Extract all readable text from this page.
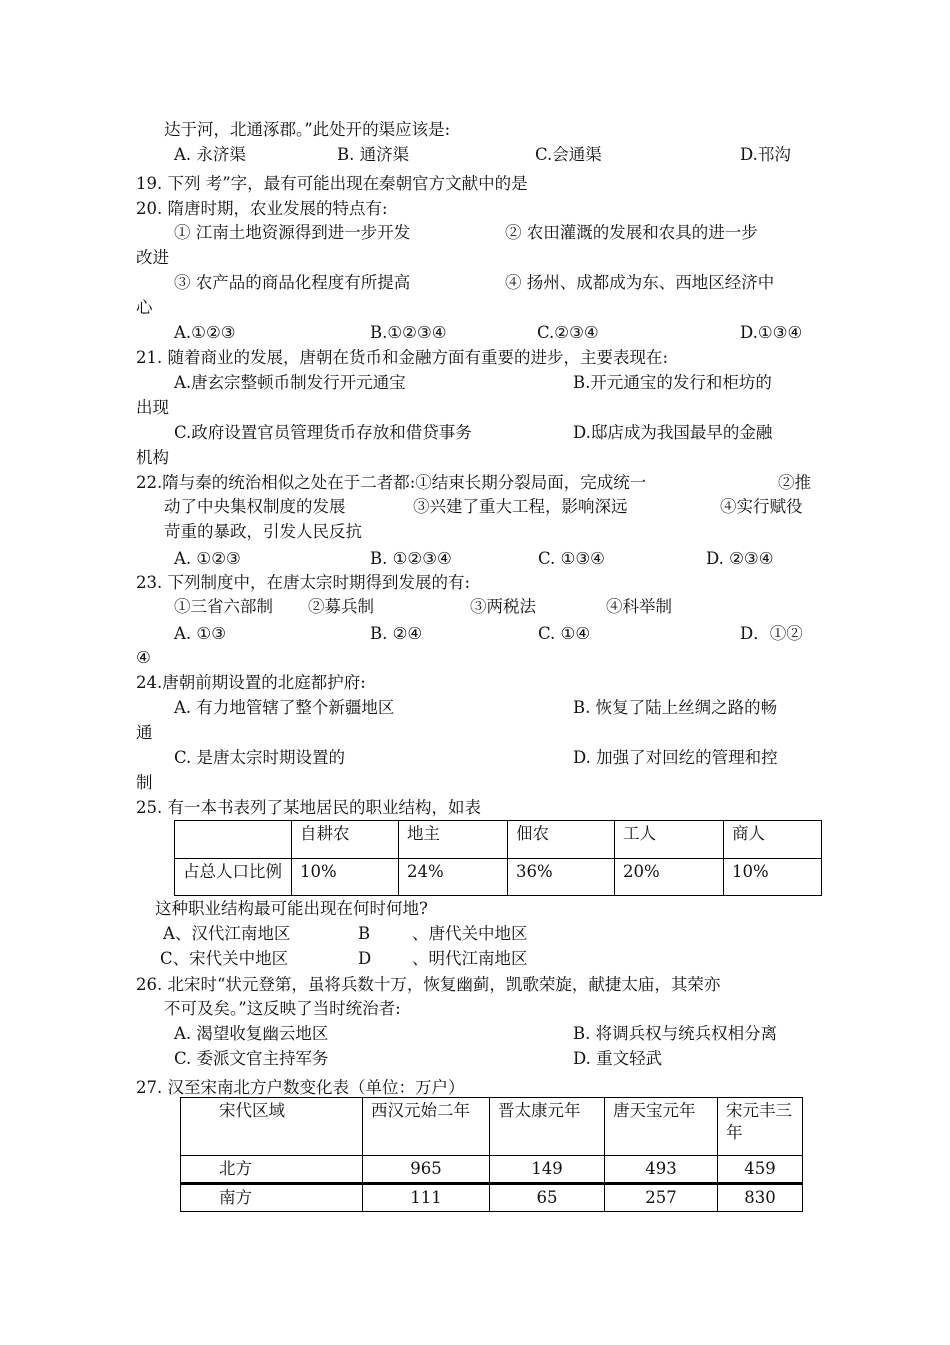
达于河，北通涿郡。”此处开的渠应该是:
A. 永济渠	B. 通济渠	C.会通渠	D.邗沟
19. 下列 考”字，最有可能出现在秦朝官方文献中的是
20. 隋唐时期，农业发展的特点有:
① 江南土地资源得到进一步开发	② 农田灌溉的发展和农具的进一步
改进
③ 农产品的商品化程度有所提高	④ 扬州、成都成为东、西地区经济中
心
A.①②③	B.①②③④	C.②③④	D.①③④
21. 随着商业的发展，唐朝在货币和金融方面有重要的进步，主要表现在:
A.唐玄宗整顿币制发行开元通宝	B.开元通宝的发行和柜坊的
出现
C.政府设置官员管理货币存放和借贷事务	D.邸店成为我国最早的金融
机构
22.隋与秦的统治相似之处在于二者都:①结束长期分裂局面，完成统一	②推
动了中央集权制度的发展	③兴建了重大工程，影响深远	④实行赋役
苛重的暴政，引发人民反抗
A. ①②③	B. ①②③④	C. ①③④	D. ②③④
23. 下列制度中，在唐太宗时期得到发展的有:
①三省六部制 ②募兵制	③两税法	④科举制
A. ①③	B. ②④	C. ①④	D．①②
④
24.唐朝前期设置的北庭都护府:
A. 有力地管辖了整个新疆地区	B. 恢复了陆上丝绸之路的畅
通
C. 是唐太宗时期设置的	D. 加强了对回纥的管理和控
制
25. 有一本书表列了某地居民的职业结构，如表
这种职业结构最可能出现在何时何地?
A、汉代江南地区	B	、唐代关中地区
C、宋代关中地区	D 、明代江南地区
26. 北宋时“状元登第，虽将兵数十万，恢复幽蓟，凯歌荣旋，献捷太庙，其荣亦
不可及矣。”这反映了当时统治者:
A. 渴望收复幽云地区	B. 将调兵权与统兵权相分离
C. 委派文官主持军务	D. 重文轻武
27. 汉至宋南北方户数变化表（单位：万户）
	自耕农	地主	佃农	工人	商人
占总人口比例	10%	24%	36%	20%	10%
宋代区域	西汉元始二年	晋太康元年	唐天宝元年	宋元丰三年
北方	965	149	493	459
南方	111	65	257	830
